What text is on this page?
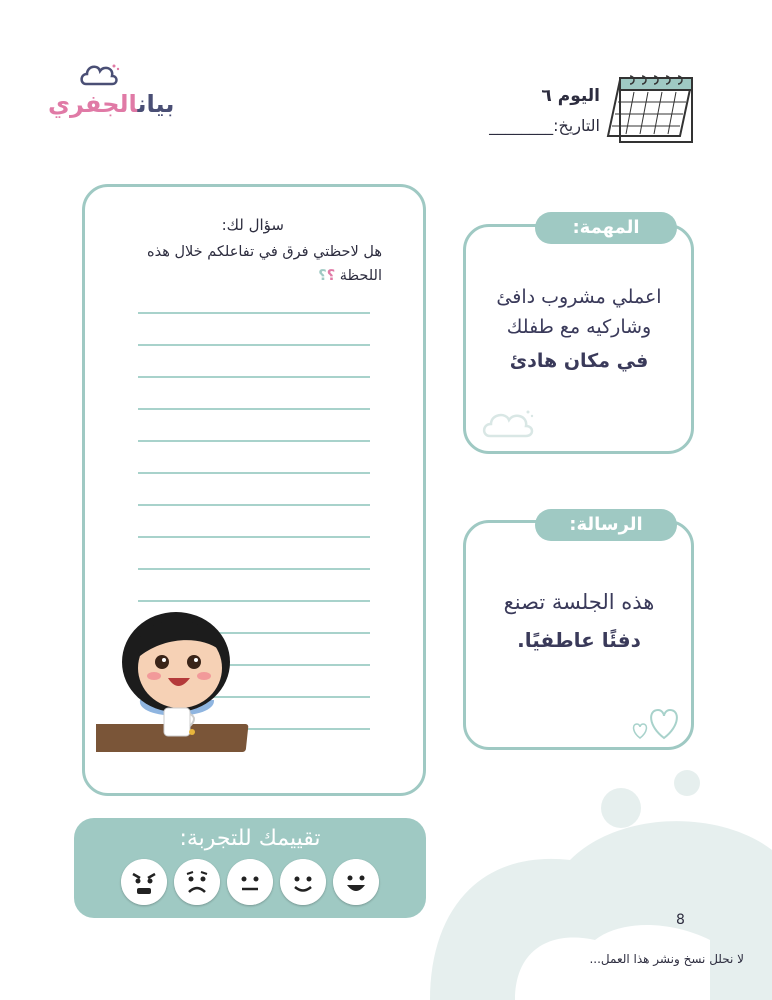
بيانالجفري	اليوم ٦
التاريخ:________
سؤال لك:
هل لاحظتي فرق في تفاعلكم خلال هذه اللحظة ؟؟
المهمة:
اعملي مشروب دافئ وشاركيه مع طفلك
في مكان هادئ
الرسالة:
هذه الجلسة تصنع
دفئًا عاطفيًا.
تقييمك للتجربة:
8
لا نحلل نسخ ونشر هذا العمل...
